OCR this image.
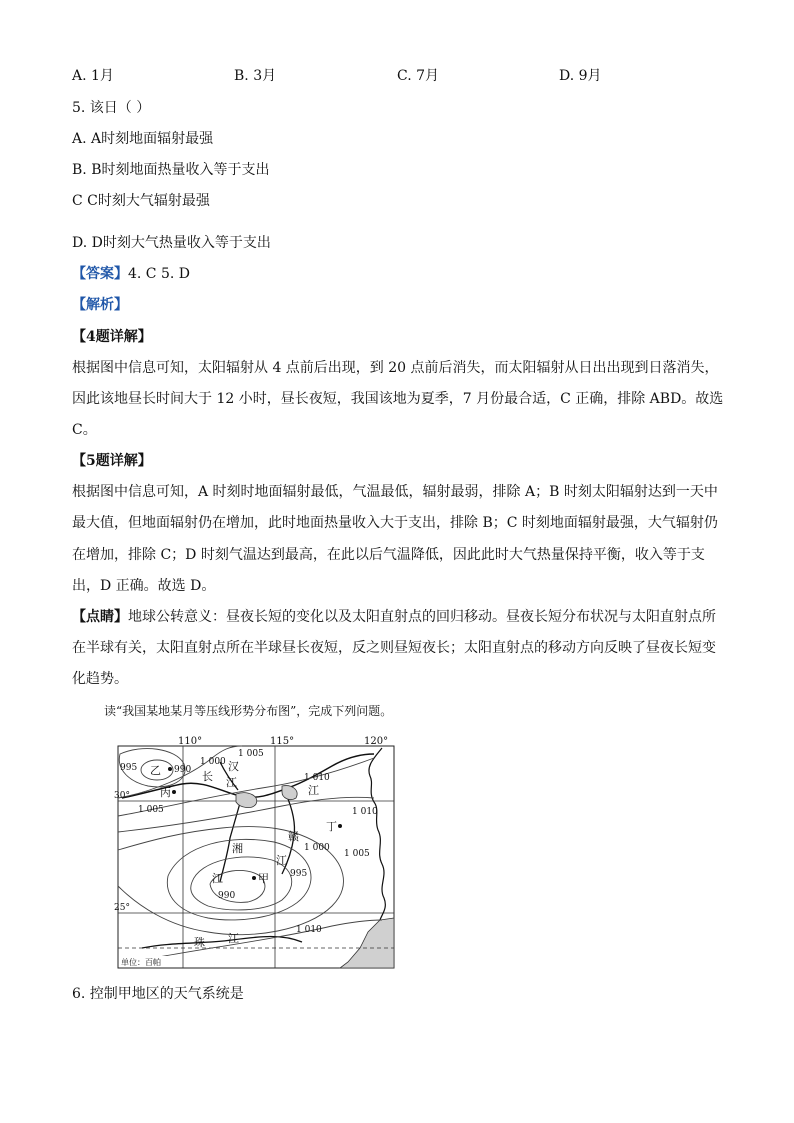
A. 1月	B. 3月	C. 7月	D. 9月
5. 该日（ ）
A. A时刻地面辐射最强
B. B时刻地面热量收入等于支出
C C时刻大气辐射最强
D. D时刻大气热量收入等于支出
【答案】4. C 5. D
【解析】
【4题详解】
根据图中信息可知，太阳辐射从 4 点前后出现，到 20 点前后消失，而太阳辐射从日出出现到日落消失，
因此该地昼长时间大于 12 小时，昼长夜短，我国该地为夏季，7 月份最合适，C 正确，排除 ABD。故选
C。
【5题详解】
根据图中信息可知，A 时刻时地面辐射最低，气温最低，辐射最弱，排除 A；B 时刻太阳辐射达到一天中
最大值，但地面辐射仍在增加，此时地面热量收入大于支出，排除 B；C 时刻地面辐射最强，大气辐射仍
在增加，排除 C；D 时刻气温达到最高，在此以后气温降低，因此此时大气热量保持平衡，收入等于支
出，D 正确。故选 D。
【点睛】地球公转意义：昼夜长短的变化以及太阳直射点的回归移动。昼夜长短分布状况与太阳直射点所
在半球有关，太阳直射点所在半球昼长夜短，反之则昼短夜长；太阳直射点的移动方向反映了昼夜长短变
化趋势。
读“我国某地某月等压线形势分布图”，完成下列问题。
110°	115°	120°
30°
25°
995	990
1 000
1 005
1 010
1 005	1 010
1 000
1 005
995
990
1 010
乙	长
汉
江
江
丙
湘
赣
丁
江
甲
江
珠 江
单位：百帕
6. 控制甲地区的天气系统是
